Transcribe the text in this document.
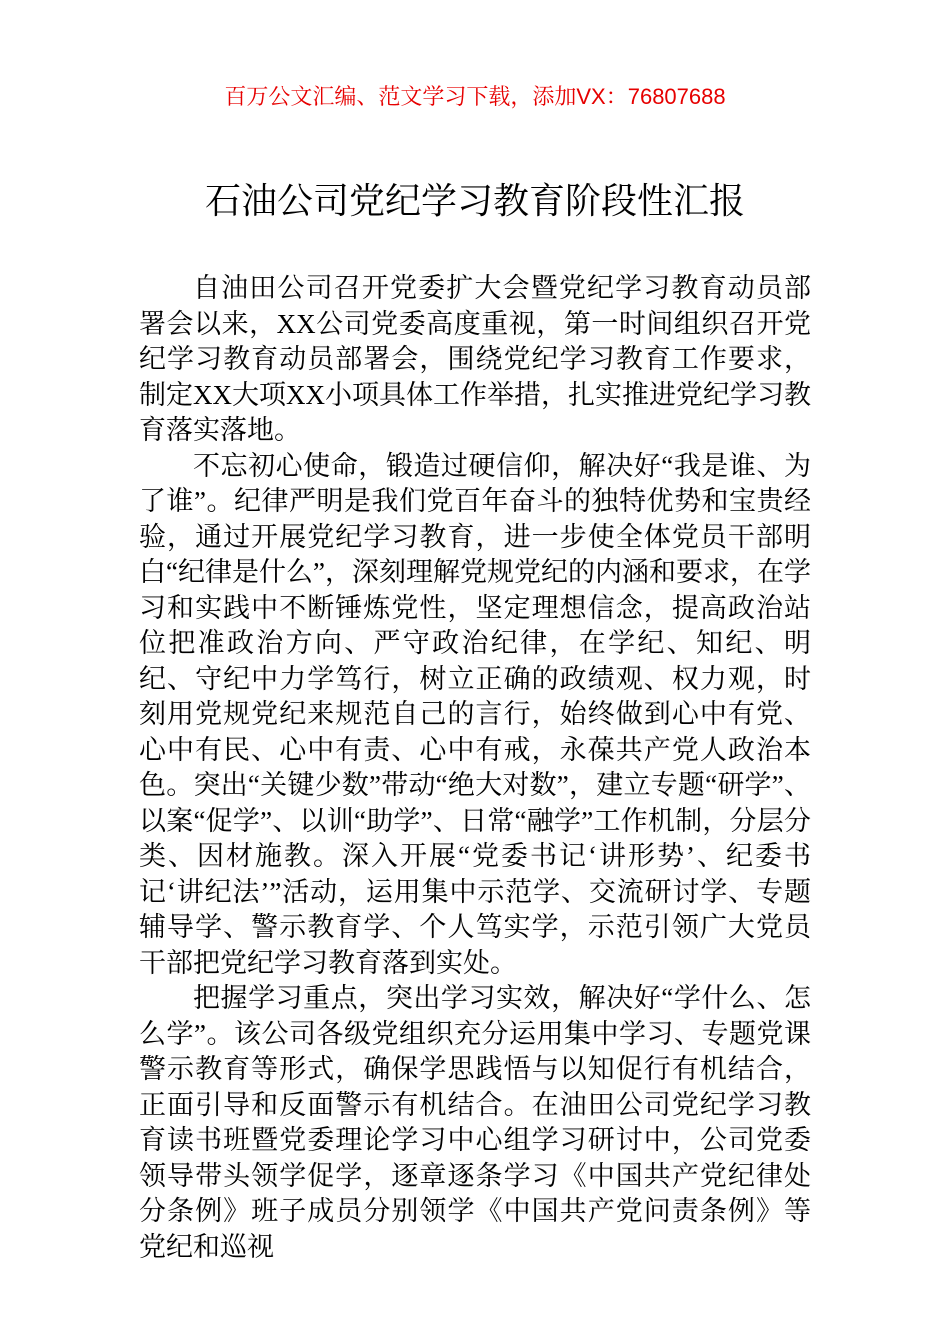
百万公文汇编、范文学习下载，添加VX：76807688
石油公司党纪学习教育阶段性汇报

自油田公司召开党委扩大会暨党纪学习教育动员部署会以来，XX公司党委高度重视，第一时间组织召开党纪学习教育动员部署会，围绕党纪学习教育工作要求，制定XX大项XX小项具体工作举措，扎实推进党纪学习教育落实落地。

不忘初心使命，锻造过硬信仰，解决好“我是谁、为了谁”。纪律严明是我们党百年奋斗的独特优势和宝贵经验，通过开展党纪学习教育，进一步使全体党员干部明白“纪律是什么”，深刻理解党规党纪的内涵和要求，在学习和实践中不断锤炼党性，坚定理想信念，提高政治站位把准政治方向、严守政治纪律，在学纪、知纪、明纪、守纪中力学笃行，树立正确的政绩观、权力观，时刻用党规党纪来规范自己的言行，始终做到心中有党、心中有民、心中有责、心中有戒，永葆共产党人政治本色。突出“关键少数”带动“绝大对数”，建立专题“研学”、以案“促学”、以训“助学”、日常“融学”工作机制，分层分类、因材施教。深入开展“党委书记‘讲形势’、纪委书记‘讲纪法’”活动，运用集中示范学、交流研讨学、专题辅导学、警示教育学、个人笃实学，示范引领广大党员干部把党纪学习教育落到实处。

把握学习重点，突出学习实效，解决好“学什么、怎么学”。该公司各级党组织充分运用集中学习、专题党课警示教育等形式，确保学思践悟与以知促行有机结合，正面引导和反面警示有机结合。在油田公司党纪学习教育读书班暨党委理论学习中心组学习研讨中，公司党委领导带头领学促学，逐章逐条学习《中国共产党纪律处分条例》班子成员分别领学《中国共产党问责条例》等党纪和巡视
